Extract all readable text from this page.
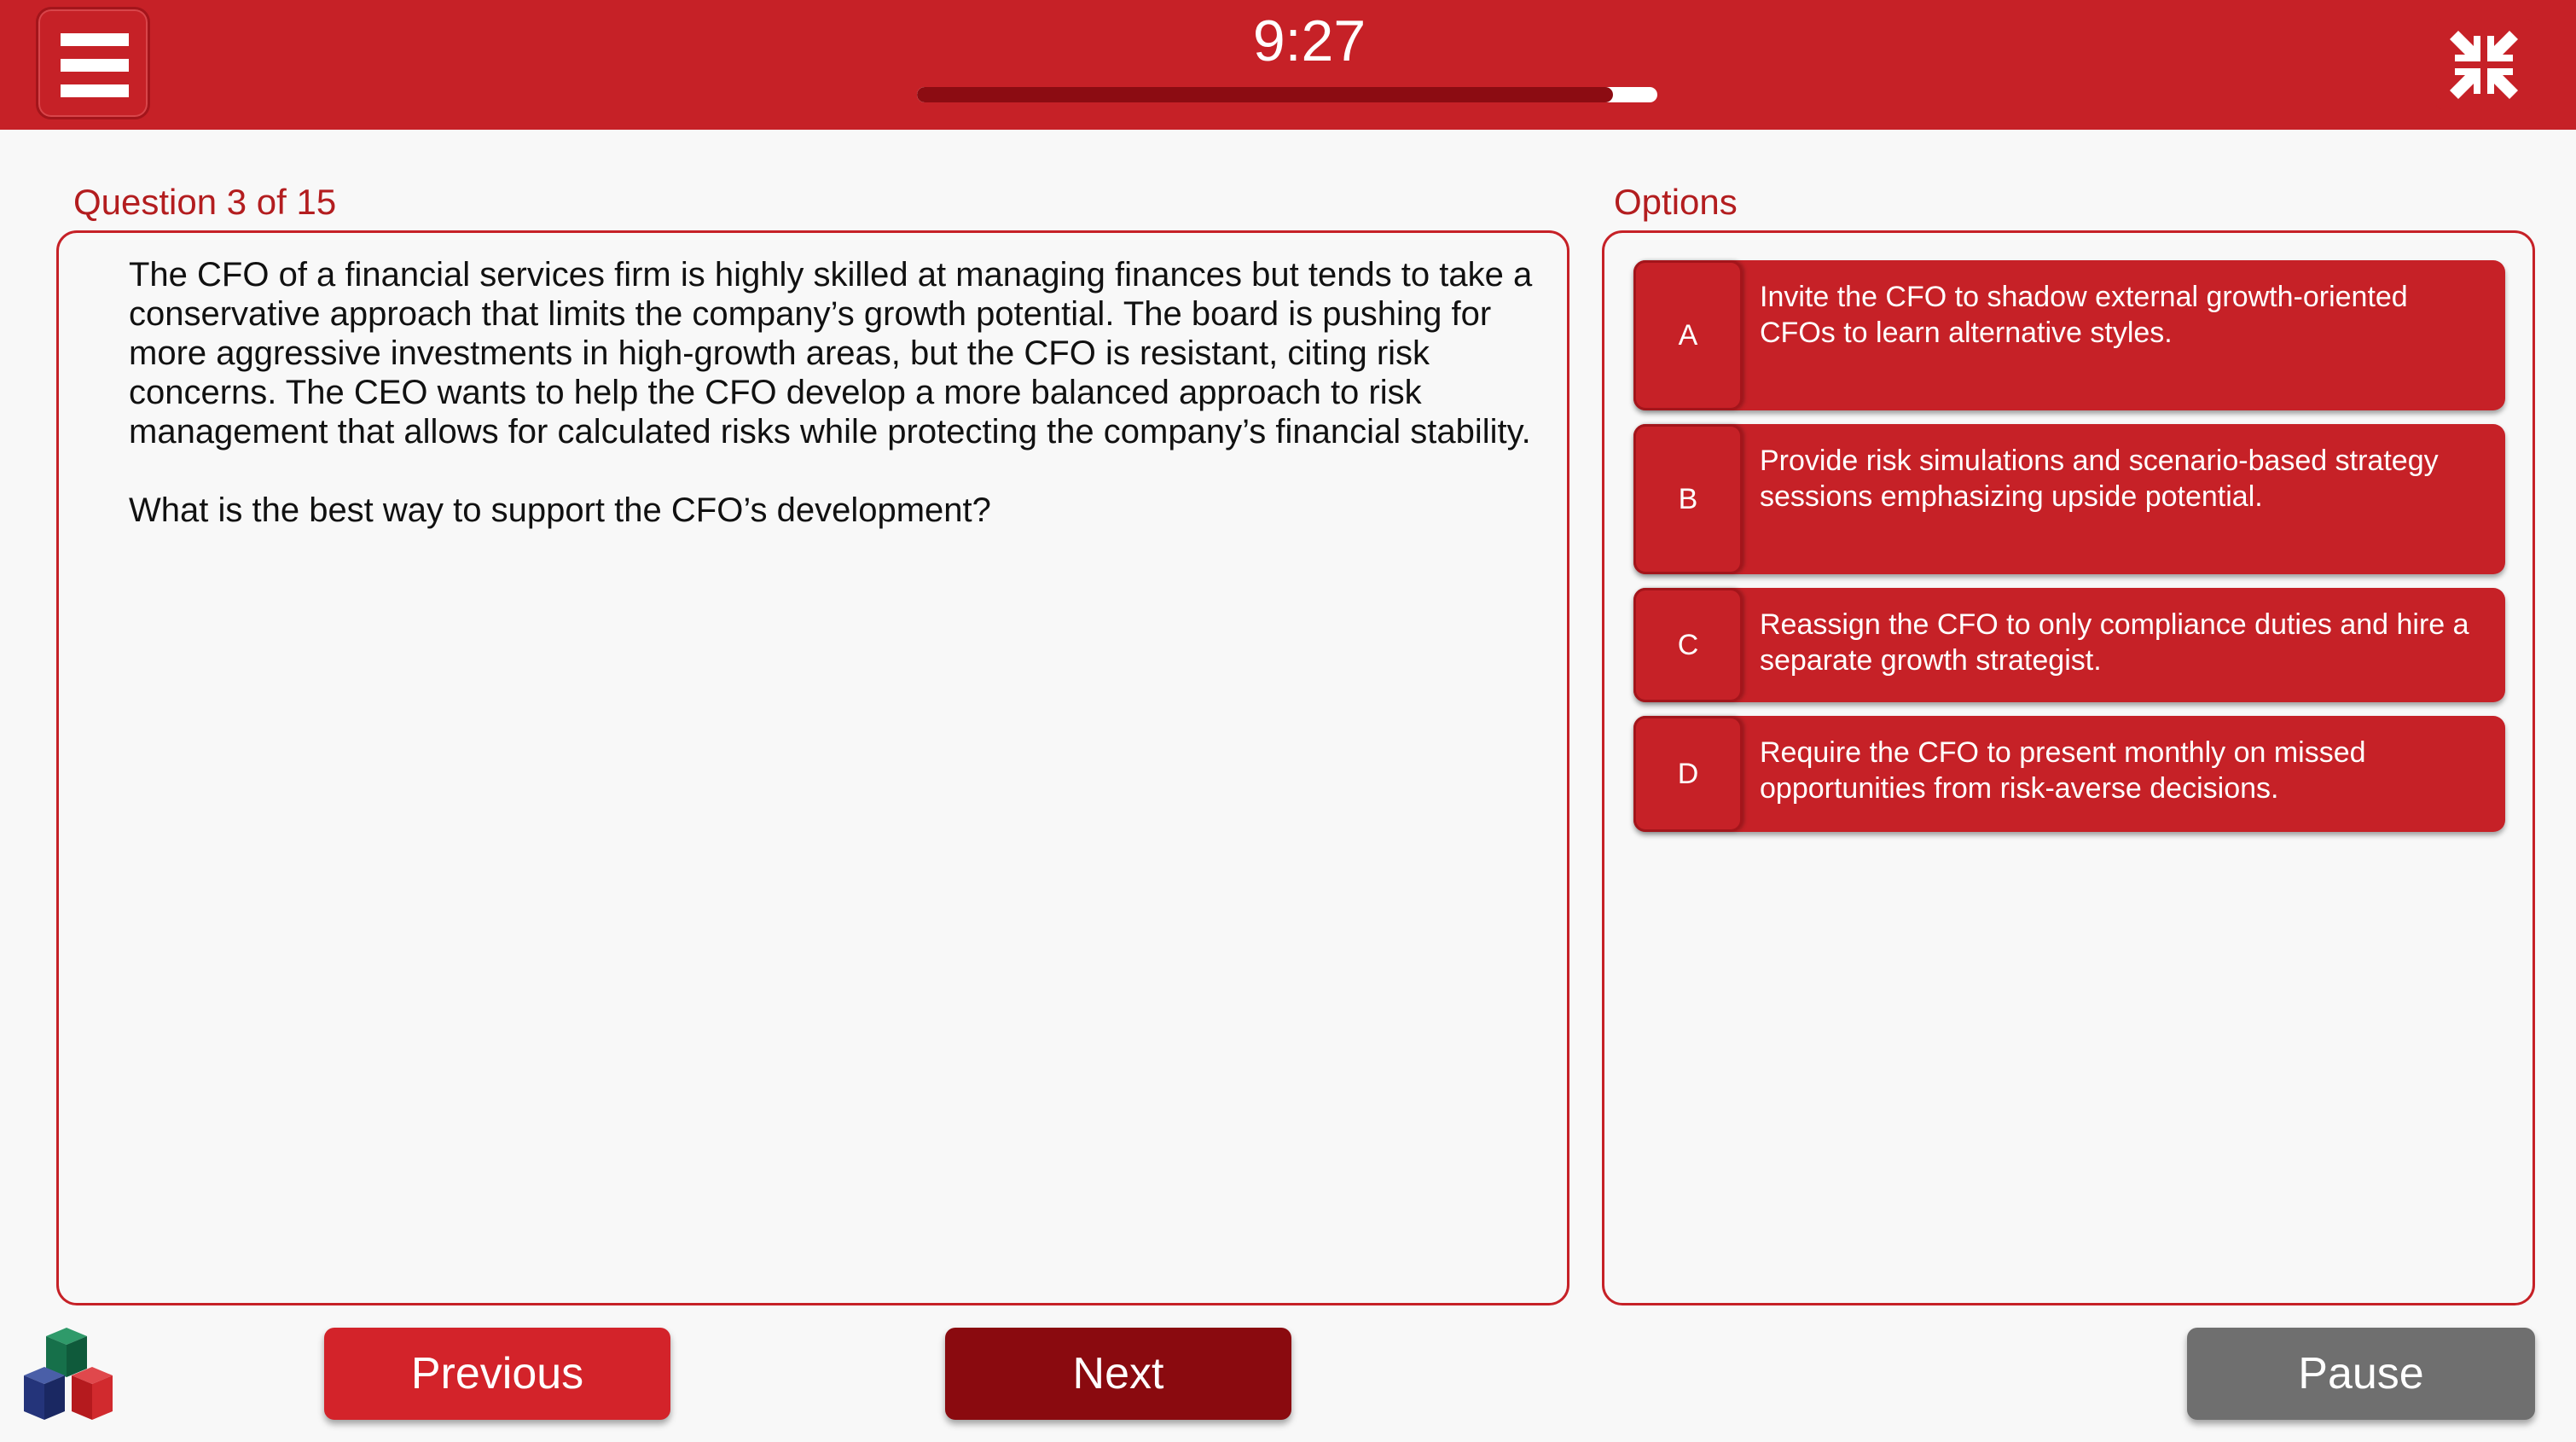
9:27
Question 3 of 15	Options

The CFO of a financial services firm is highly skilled at managing finances but tends to take a conservative approach that limits the company’s growth potential. The board is pushing for more aggressive investments in high-growth areas, but the CFO is resistant, citing risk concerns. The CEO wants to help the CFO develop a more balanced approach to risk management that allows for calculated risks while protecting the company’s financial stability.

What is the best way to support the CFO’s development?

A
Invite the CFO to shadow external growth-oriented CFOs to learn alternative styles.
B
Provide risk simulations and scenario-based strategy sessions emphasizing upside potential.
C
Reassign the CFO to only compliance duties and hire a separate growth strategist.
D
Require the CFO to present monthly on missed opportunities from risk-averse decisions.
Previous	Next	Pause
